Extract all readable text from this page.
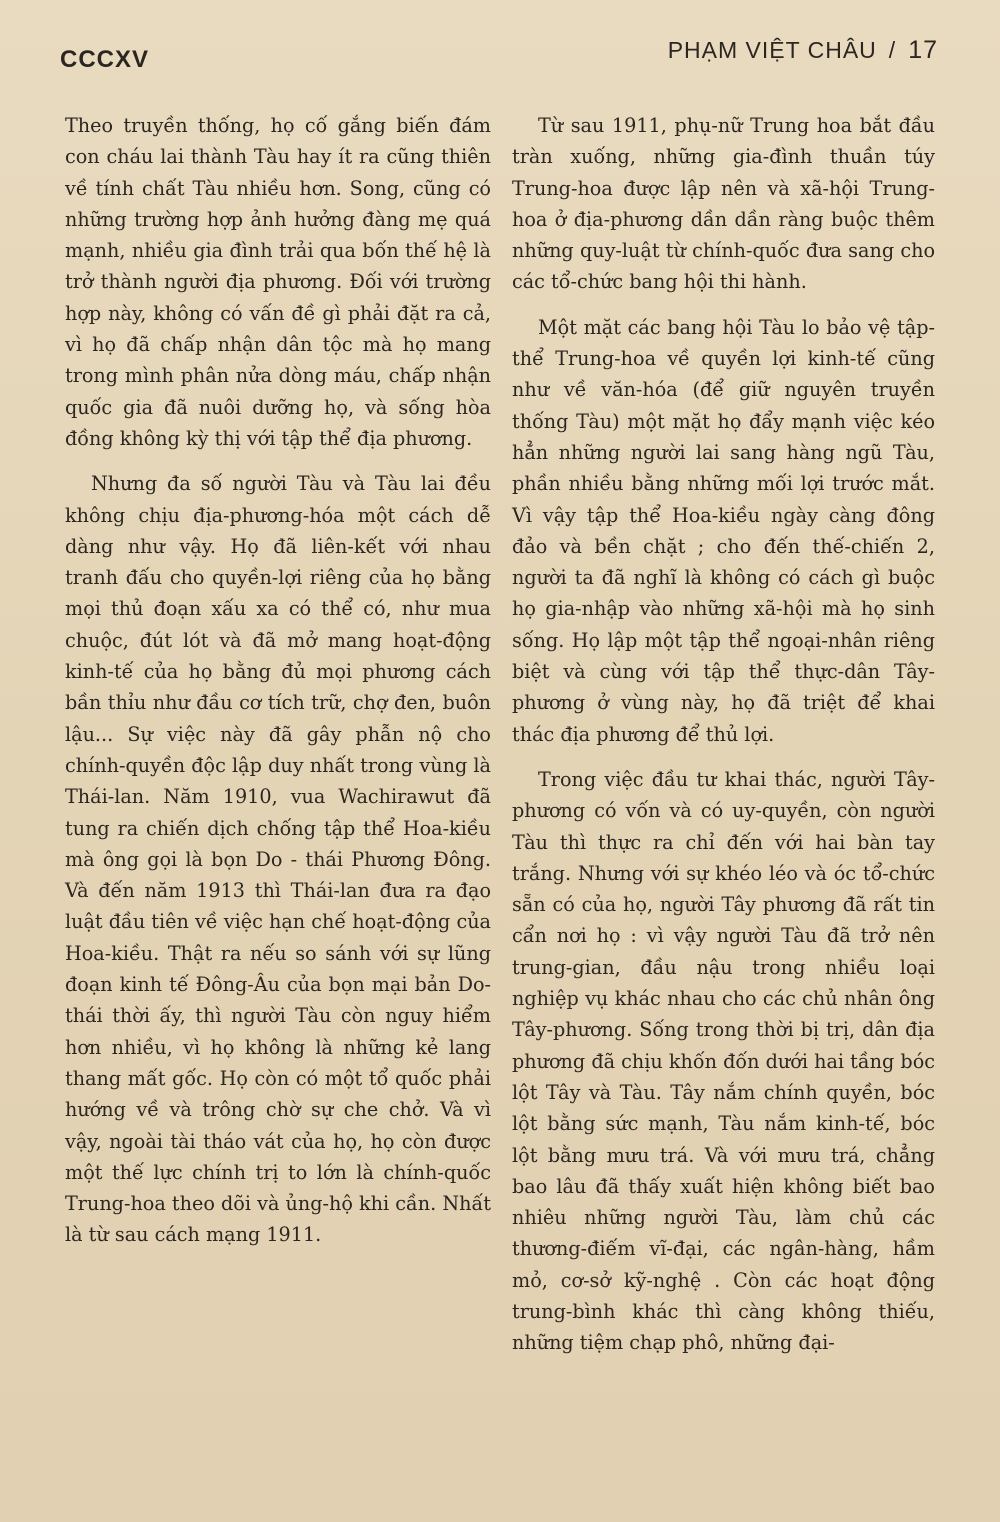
CCCXV	PHẠM VIỆT CHÂU / 17

Theo truyền thống, họ cố gắng biến đám con cháu lai thành Tàu hay ít ra cũng thiên về tính chất Tàu nhiều hơn. Song, cũng có những trường hợp ảnh hưởng đàng mẹ quá mạnh, nhiều gia đình trải qua bốn thế hệ là trở thành người địa phương. Đối với trường hợp này, không có vấn đề gì phải đặt ra cả, vì họ đã chấp nhận dân tộc mà họ mang trong mình phân nửa dòng máu, chấp nhận quốc gia đã nuôi dưỡng họ, và sống hòa đồng không kỳ thị với tập thể địa phương.

Nhưng đa số người Tàu và Tàu lai đều không chịu địa-phương-hóa một cách dễ dàng như vậy. Họ đã liên-kết với nhau tranh đấu cho quyền-lợi riêng của họ bằng mọi thủ đoạn xấu xa có thể có, như mua chuộc, đút lót và đã mở mang hoạt-động kinh-tế của họ bằng đủ mọi phương cách bần thỉu như đầu cơ tích trữ, chợ đen, buôn lậu... Sự việc này đã gây phẫn nộ cho chính-quyền độc lập duy nhất trong vùng là Thái-lan. Năm 1910, vua Wachirawut đã tung ra chiến dịch chống tập thể Hoa-kiều mà ông gọi là bọn Do - thái Phương Đông. Và đến năm 1913 thì Thái-lan đưa ra đạo luật đầu tiên về việc hạn chế hoạt-động của Hoa-kiều. Thật ra nếu so sánh với sự lũng đoạn kinh tế Đông-Âu của bọn mại bản Do-thái thời ấy, thì người Tàu còn nguy hiểm hơn nhiều, vì họ không là những kẻ lang thang mất gốc. Họ còn có một tổ quốc phải hướng về và trông chờ sự che chở. Và vì vậy, ngoài tài tháo vát của họ, họ còn được một thế lực chính trị to lớn là chính-quốc Trung-hoa theo dõi và ủng-hộ khi cần. Nhất là từ sau cách mạng 1911.

Từ sau 1911, phụ-nữ Trung hoa bắt đầu tràn xuống, những gia-đình thuần túy Trung-hoa được lập nên và xã-hội Trung-hoa ở địa-phương dần dần ràng buộc thêm những quy-luật từ chính-quốc đưa sang cho các tổ-chức bang hội thi hành.

Một mặt các bang hội Tàu lo bảo vệ tập-thể Trung-hoa về quyền lợi kinh-tế cũng như về văn-hóa (để giữ nguyên truyền thống Tàu) một mặt họ đẩy mạnh việc kéo hẳn những người lai sang hàng ngũ Tàu, phần nhiều bằng những mối lợi trước mắt. Vì vậy tập thể Hoa-kiều ngày càng đông đảo và bền chặt ; cho đến thế-chiến 2, người ta đã nghĩ là không có cách gì buộc họ gia-nhập vào những xã-hội mà họ sinh sống. Họ lập một tập thể ngoại-nhân riêng biệt và cùng với tập thể thực-dân Tây-phương ở vùng này, họ đã triệt để khai thác địa phương để thủ lợi.

Trong việc đầu tư khai thác, người Tây-phương có vốn và có uy-quyền, còn người Tàu thì thực ra chỉ đến với hai bàn tay trắng. Nhưng với sự khéo léo và óc tổ-chức sẵn có của họ, người Tây phương đã rất tin cẩn nơi họ : vì vậy người Tàu đã trở nên trung-gian, đầu nậu trong nhiều loại nghiệp vụ khác nhau cho các chủ nhân ông Tây-phương. Sống trong thời bị trị, dân địa phương đã chịu khốn đốn dưới hai tầng bóc lột Tây và Tàu. Tây nắm chính quyền, bóc lột bằng sức mạnh, Tàu nắm kinh-tế, bóc lột bằng mưu trá. Và với mưu trá, chẳng bao lâu đã thấy xuất hiện không biết bao nhiêu những người Tàu, làm chủ các thương-điếm vĩ-đại, các ngân-hàng, hầm mỏ, cơ-sở kỹ-nghệ . Còn các hoạt động trung-bình khác thì càng không thiếu, những tiệm chạp phô, những đại-
